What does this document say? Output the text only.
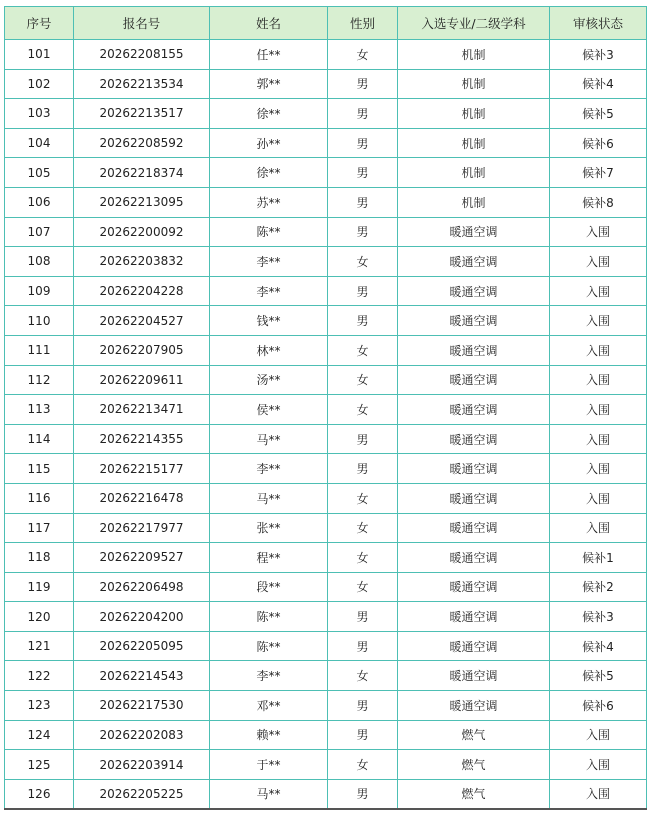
序号	报名号	姓名	性别	入选专业/二级学科	审核状态
101	20262208155	任**	女	机制	候补3
102	20262213534	郭**	男	机制	候补4
103	20262213517	徐**	男	机制	候补5
104	20262208592	孙**	男	机制	候补6
105	20262218374	徐**	男	机制	候补7
106	20262213095	苏**	男	机制	候补8
107	20262200092	陈**	男	暖通空调	入围
108	20262203832	李**	女	暖通空调	入围
109	20262204228	李**	男	暖通空调	入围
110	20262204527	钱**	男	暖通空调	入围
111	20262207905	林**	女	暖通空调	入围
112	20262209611	汤**	女	暖通空调	入围
113	20262213471	侯**	女	暖通空调	入围
114	20262214355	马**	男	暖通空调	入围
115	20262215177	李**	男	暖通空调	入围
116	20262216478	马**	女	暖通空调	入围
117	20262217977	张**	女	暖通空调	入围
118	20262209527	程**	女	暖通空调	候补1
119	20262206498	段**	女	暖通空调	候补2
120	20262204200	陈**	男	暖通空调	候补3
121	20262205095	陈**	男	暖通空调	候补4
122	20262214543	李**	女	暖通空调	候补5
123	20262217530	邓**	男	暖通空调	候补6
124	20262202083	赖**	男	燃气	入围
125	20262203914	于**	女	燃气	入围
126	20262205225	马**	男	燃气	入围
